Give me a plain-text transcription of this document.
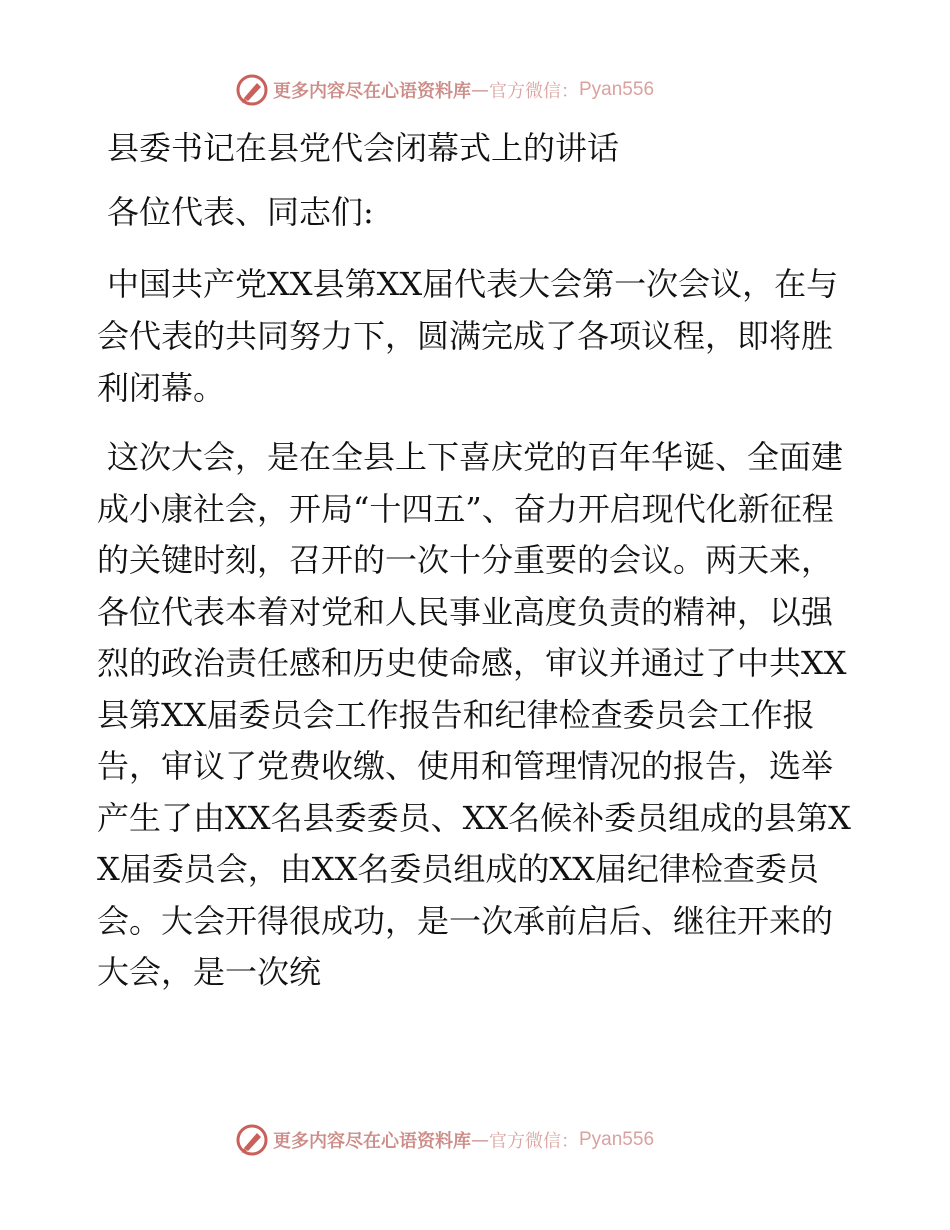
更多内容尽在心语资料库 — 官方微信： Pyan556
县委书记在县党代会闭幕式上的讲话

各位代表、同志们:

中国共产党XX县第XX届代表大会第一次会议，在与会代表的共同努力下，圆满完成了各项议程，即将胜利闭幕。

这次大会，是在全县上下喜庆党的百年华诞、全面建成小康社会，开局“十四五”、奋力开启现代化新征程的关键时刻，召开的一次十分重要的会议。两天来，各位代表本着对党和人民事业高度负责的精神，以强烈的政治责任感和历史使命感，审议并通过了中共XX县第XX届委员会工作报告和纪律检查委员会工作报告，审议了党费收缴、使用和管理情况的报告，选举产生了由XX名县委委员、XX名候补委员组成的县第XX届委员会，由XX名委员组成的XX届纪律检查委员会。大会开得很成功，是一次承前启后、继往开来的大会，是一次统

更多内容尽在心语资料库 — 官方微信： Pyan556
